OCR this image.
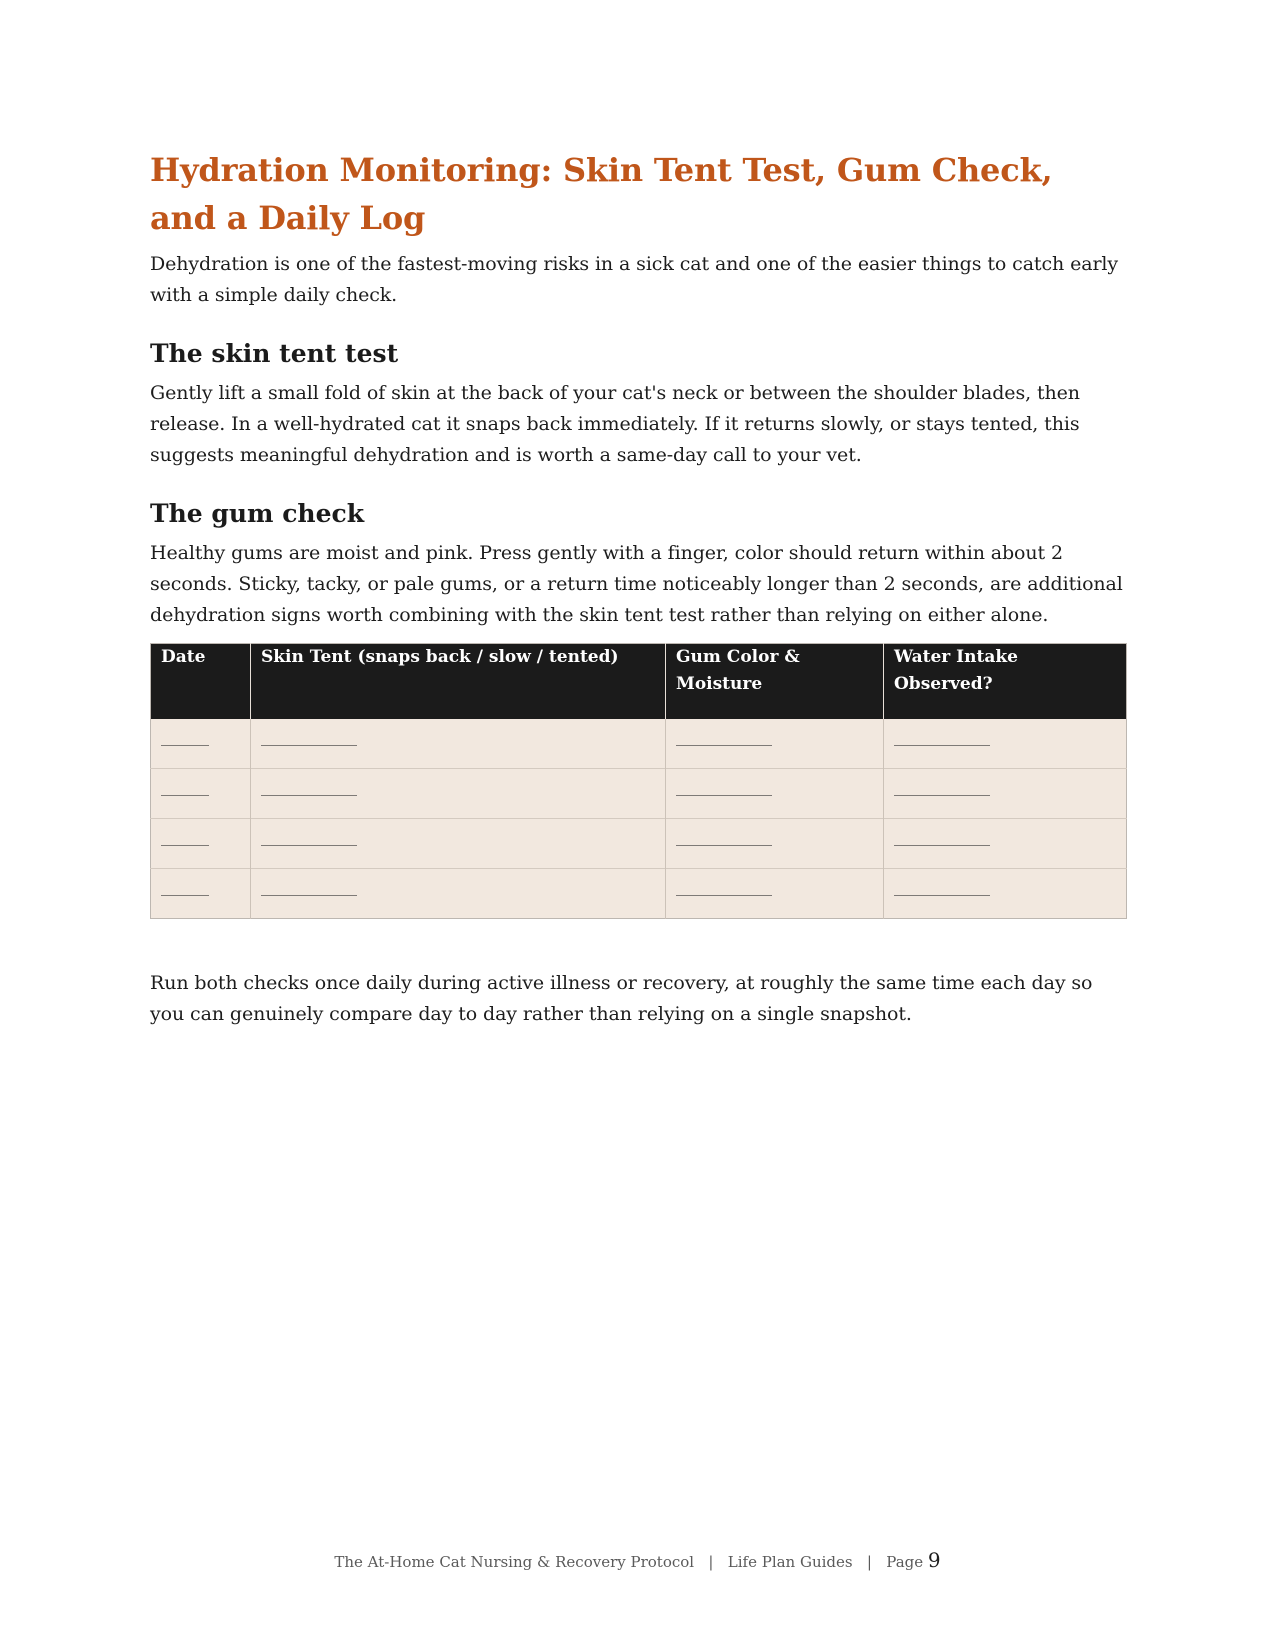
Hydration Monitoring: Skin Tent Test, Gum Check, and a Daily Log

Dehydration is one of the fastest-moving risks in a sick cat and one of the easier things to catch early with a simple daily check.

The skin tent test

Gently lift a small fold of skin at the back of your cat's neck or between the shoulder blades, then release. In a well-hydrated cat it snaps back immediately. If it returns slowly, or stays tented, this suggests meaningful dehydration and is worth a same-day call to your vet.

The gum check

Healthy gums are moist and pink. Press gently with a finger, color should return within about 2 seconds. Sticky, tacky, or pale gums, or a return time noticeably longer than 2 seconds, are additional dehydration signs worth combining with the skin tent test rather than relying on either alone.

Date	Skin Tent (snaps back / slow / tented)	Gum Color & Moisture	Water Intake Observed?
______	____________	____________	____________
______	____________	____________	____________
______	____________	____________	____________
______	____________	____________	____________

Run both checks once daily during active illness or recovery, at roughly the same time each day so you can genuinely compare day to day rather than relying on a single snapshot.

The At-Home Cat Nursing & Recovery Protocol   |   Life Plan Guides   |   Page 9
